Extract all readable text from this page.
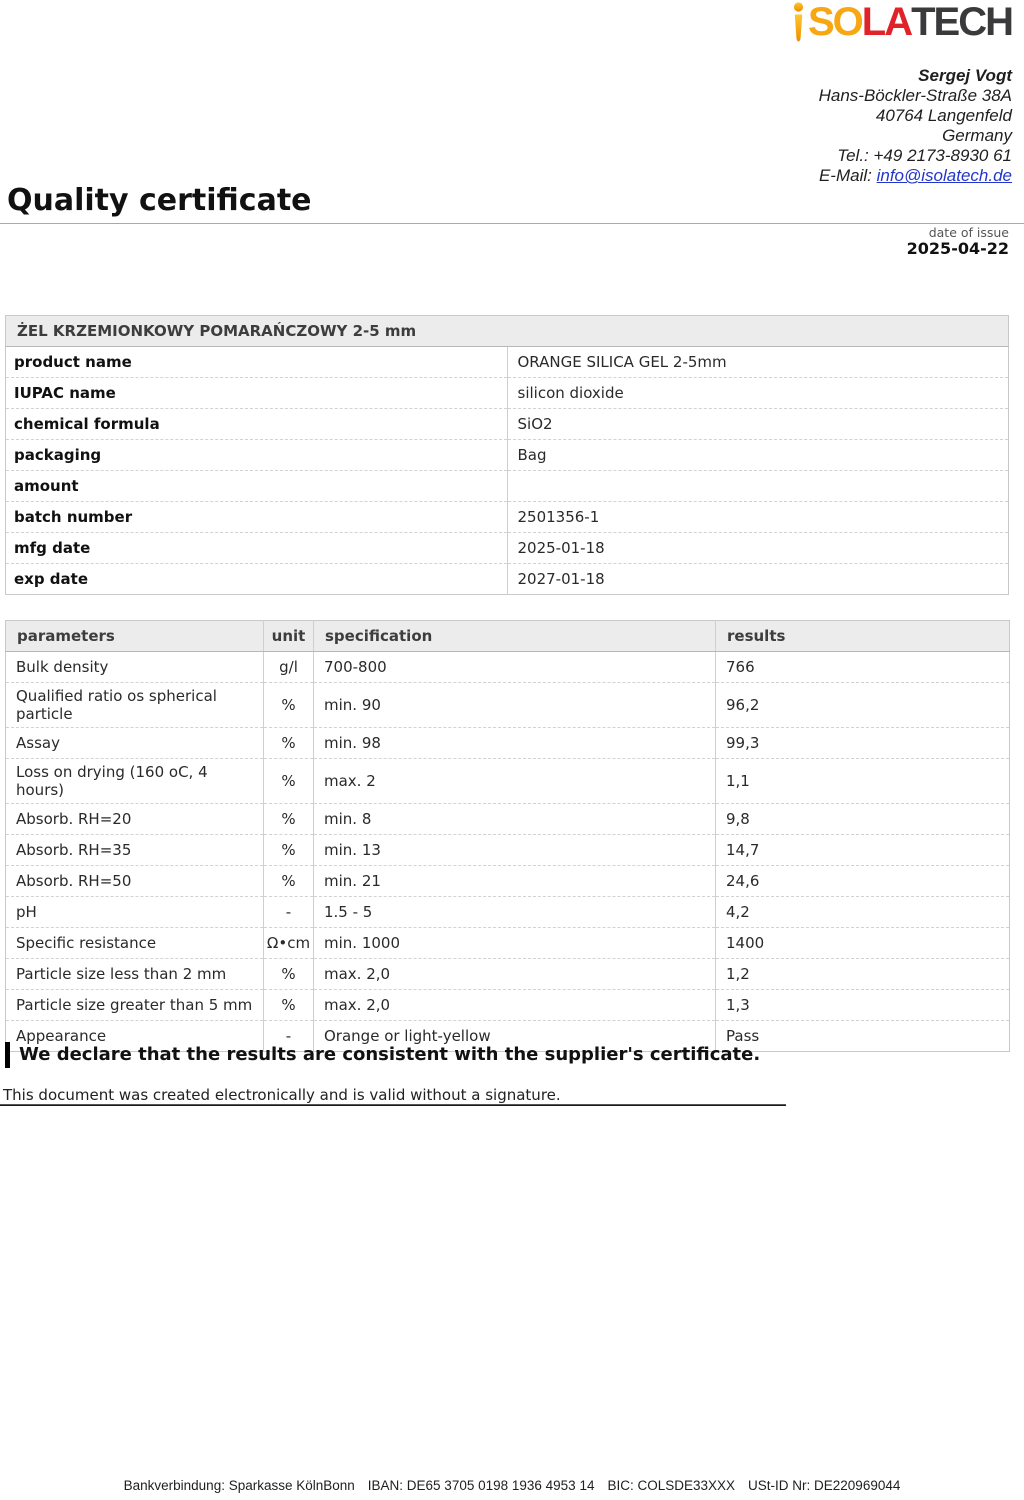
SO LA TECH
Sergej Vogt
Hans-Böckler-Straße 38A
40764 Langenfeld
Germany
Tel.: +49 2173-8930 61
E-Mail: info@isolatech.de
Quality certificate
date of issue
2025-04-22
ŻEL KRZEMIONKOWY POMARAŃCZOWY 2-5 mm	
product name	ORANGE SILICA GEL 2-5mm
IUPAC name	silicon dioxide
chemical formula	SiO2
packaging	Bag
amount	
batch number	2501356-1
mfg date	2025-01-18
exp date	2027-01-18
parameters	unit	specification	results
Bulk density	g/l	700-800	766
Qualified ratio os spherical particle	%	min. 90	96,2
Assay	%	min. 98	99,3
Loss on drying (160 oC, 4 hours)	%	max. 2	1,1
Absorb. RH=20	%	min. 8	9,8
Absorb. RH=35	%	min. 13	14,7
Absorb. RH=50	%	min. 21	24,6
pH	-	1.5 - 5	4,2
Specific resistance	Ω•cm	min. 1000	1400
Particle size less than 2 mm	%	max. 2,0	1,2
Particle size greater than 5 mm	%	max. 2,0	1,3
Appearance	-	Orange or light-yellow	Pass
We declare that the results are consistent with the supplier's certificate.
This document was created electronically and is valid without a signature.
Bankverbindung: Sparkasse KölnBonn IBAN: DE65 3705 0198 1936 4953 14 BIC: COLSDE33XXX USt-ID Nr: DE220969044
